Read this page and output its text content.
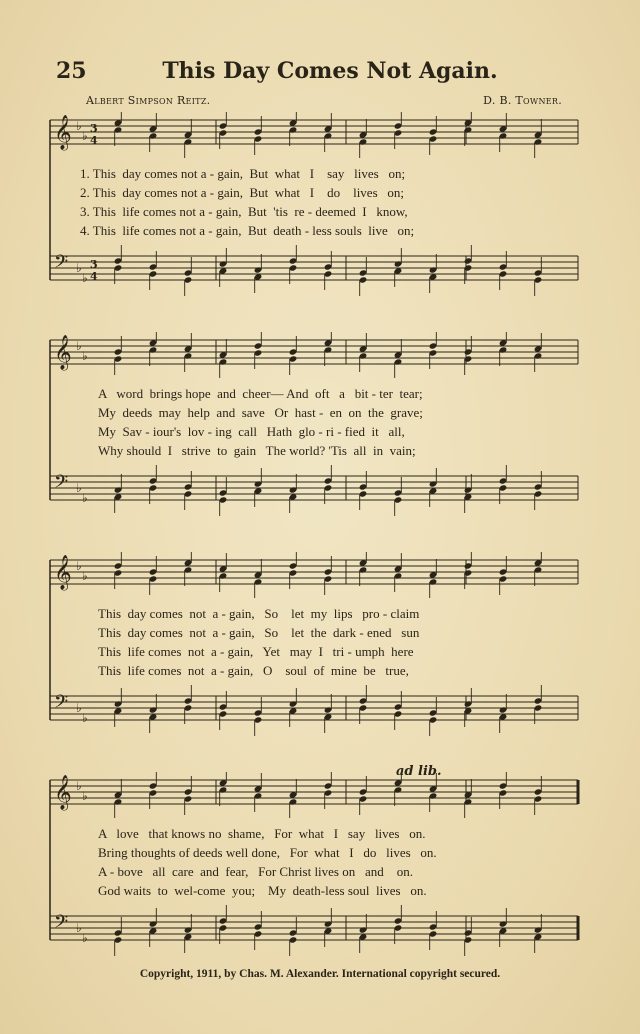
25	This Day Comes Not Again.
Albert Simpson Reitz.	D. B. Towner.
𝄞 ♭
♭
3
4
𝄢 ♭
♭
3
4
1. This  day comes not a - gain,  But  what   I    say   lives   on;
2. This  day comes not a - gain,  But  what   I    do    lives   on;
3. This  life comes not a - gain,  But  'tis  re - deemed  I   know,
4. This  life comes not a - gain,  But  death - less souls  live   on;
𝄞 ♭
♭
𝄢 ♭
♭
A   word  brings hope  and  cheer— And  oft   a   bit - ter  tear;
My  deeds  may  help  and  save   Or  hast -  en  on  the  grave;
My  Sav - iour's  lov - ing  call   Hath  glo - ri - fied  it   all,
Why should  I   strive  to  gain   The world? 'Tis  all  in  vain;
𝄞 ♭
♭
𝄢 ♭
♭
This  day comes  not  a - gain,   So    let  my  lips   pro - claim
This  day comes  not  a - gain,   So    let  the  dark - ened   sun
This  life comes  not  a - gain,   Yet   may  I   tri - umph  here
This  life comes  not  a - gain,   O    soul  of  mine  be   true,
𝄞 ♭
♭
𝄢 ♭
♭
A   love   that knows no  shame,   For  what   I   say   lives   on.
Bring thoughts of deeds well done,   For  what   I   do   lives   on.
A - bove   all  care  and  fear,   For Christ lives on   and    on.
God waits  to  wel-come  you;    My  death-less soul  lives   on.
ad lib.
Copyright, 1911, by Chas. M. Alexander. International copyright secured.
